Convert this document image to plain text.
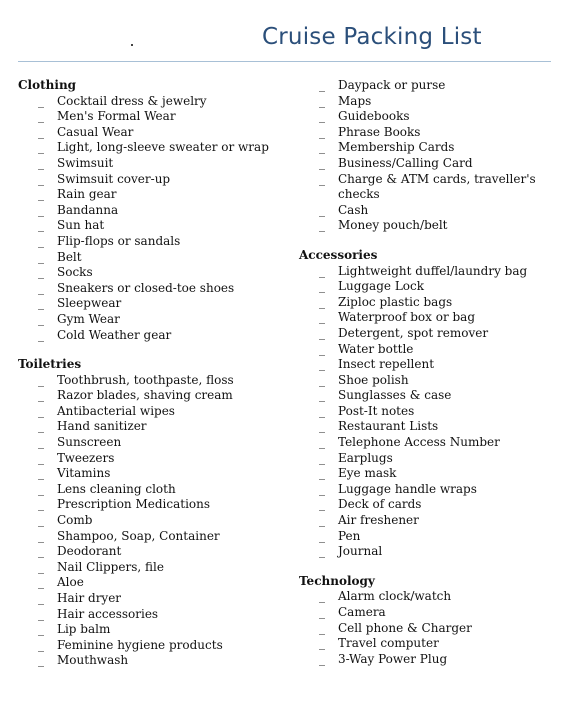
Cruise Packing List
Clothing
_ Cocktail dress & jewelry
_ Men's Formal Wear
_ Casual Wear
_ Light, long-sleeve sweater or wrap
_ Swimsuit
_ Swimsuit cover-up
_ Rain gear
_ Bandanna
_ Sun hat
_ Flip-flops or sandals
_ Belt
_ Socks
_ Sneakers or closed-toe shoes
_ Sleepwear
_ Gym Wear
_ Cold Weather gear
Toiletries
_ Toothbrush, toothpaste, floss
_ Razor blades, shaving cream
_ Antibacterial wipes
_ Hand sanitizer
_ Sunscreen
_ Tweezers
_ Vitamins
_ Lens cleaning cloth
_ Prescription Medications
_ Comb
_ Shampoo, Soap, Container
_ Deodorant
_ Nail Clippers, file
_ Aloe
_ Hair dryer
_ Hair accessories
_ Lip balm
_ Feminine hygiene products
_ Mouthwash
_ Daypack or purse
_ Maps
_ Guidebooks
_ Phrase Books
_ Membership Cards
_ Business/Calling Card
_ Charge & ATM cards, traveller's checks
_ Cash
_ Money pouch/belt
Accessories
_ Lightweight duffel/laundry bag
_ Luggage Lock
_ Ziploc plastic bags
_ Waterproof box or bag
_ Detergent, spot remover
_ Water bottle
_ Insect repellent
_ Shoe polish
_ Sunglasses & case
_ Post-It notes
_ Restaurant Lists
_ Telephone Access Number
_ Earplugs
_ Eye mask
_ Luggage handle wraps
_ Deck of cards
_ Air freshener
_ Pen
_ Journal
Technology
_ Alarm clock/watch
_ Camera
_ Cell phone & Charger
_ Travel computer
_ 3-Way Power Plug
